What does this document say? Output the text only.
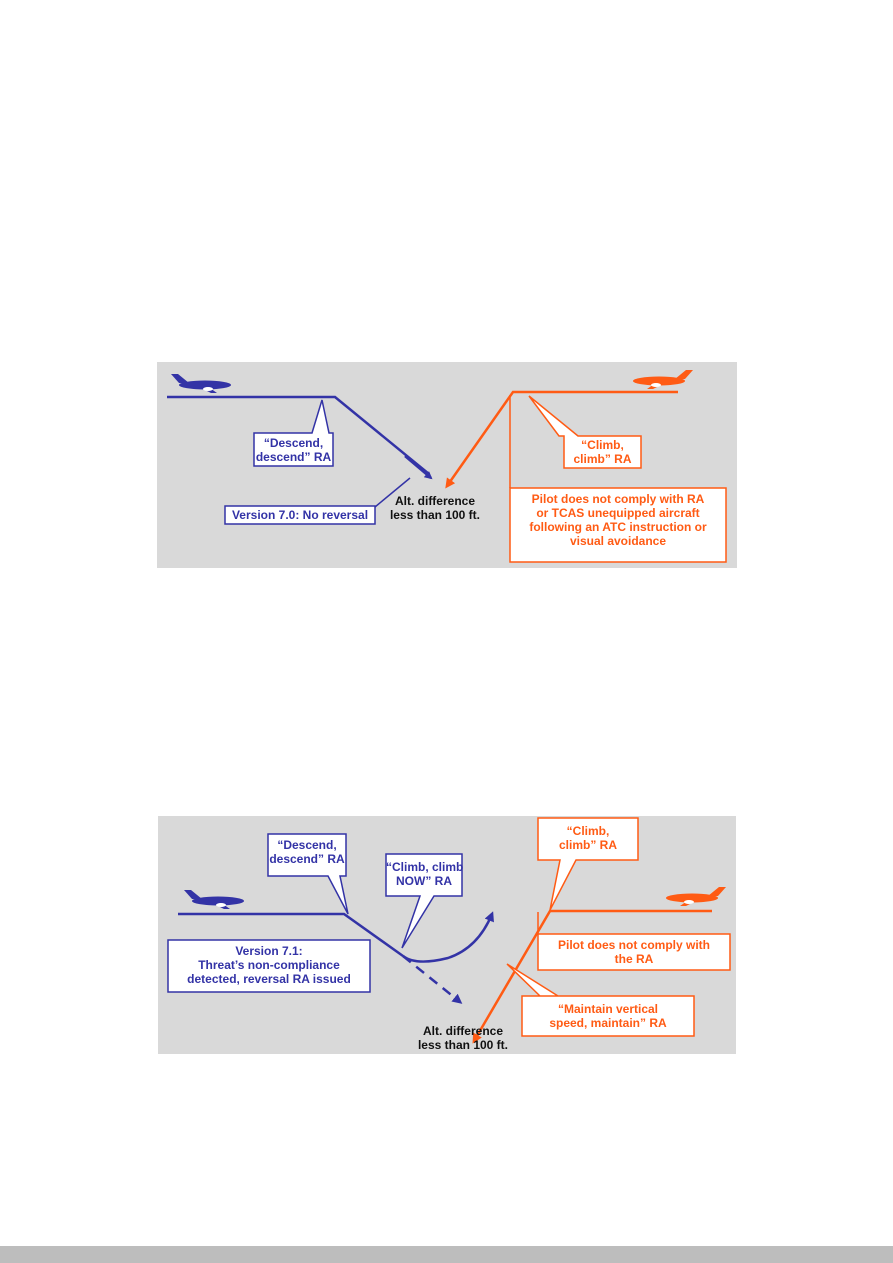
“Descend,
descend” RA
Version 7.0: No reversal
Alt. difference
less than 100 ft.
“Climb,
climb” RA
Pilot does not comply with RA
or TCAS unequipped aircraft
following an ATC instruction or
visual avoidance
“Descend,
descend” RA
“Climb, climb
NOW” RA
Version 7.1:
Threat’s non-compliance
detected, reversal RA issued
Alt. difference
less than 100 ft.
“Climb,
climb” RA
Pilot does not comply with
the RA
“Maintain vertical
speed, maintain” RA
